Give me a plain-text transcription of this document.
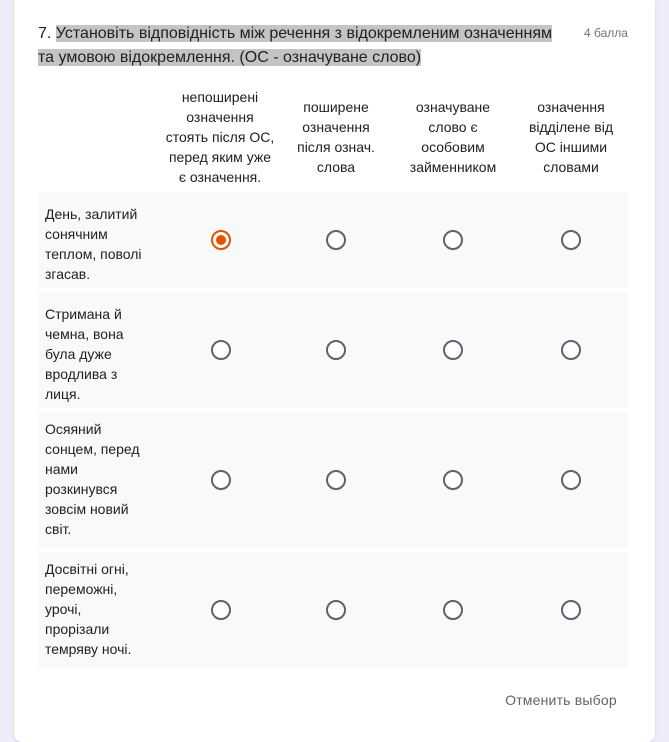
7. Установіть відповідність між речення з відокремленим означенням
та умовою відокремлення. (ОС - означуване слово)
4 балла
непоширені
означення
стоять після ОС,
перед яким уже
є означення.
поширене
означення
після означ.
слова
означуване
слово є
особовим
займенником
означення
відділене від
ОС іншими
словами
День, залитий
сонячним
теплом, поволі
згасав.
Стримана й
чемна, вона
була дуже
вродлива з
лиця.
Осяяний
сонцем, перед
нами
розкинувся
зовсім новий
світ.
Досвітні огні,
переможні,
урочі,
прорізали
темряву ночі.
Отменить выбор
